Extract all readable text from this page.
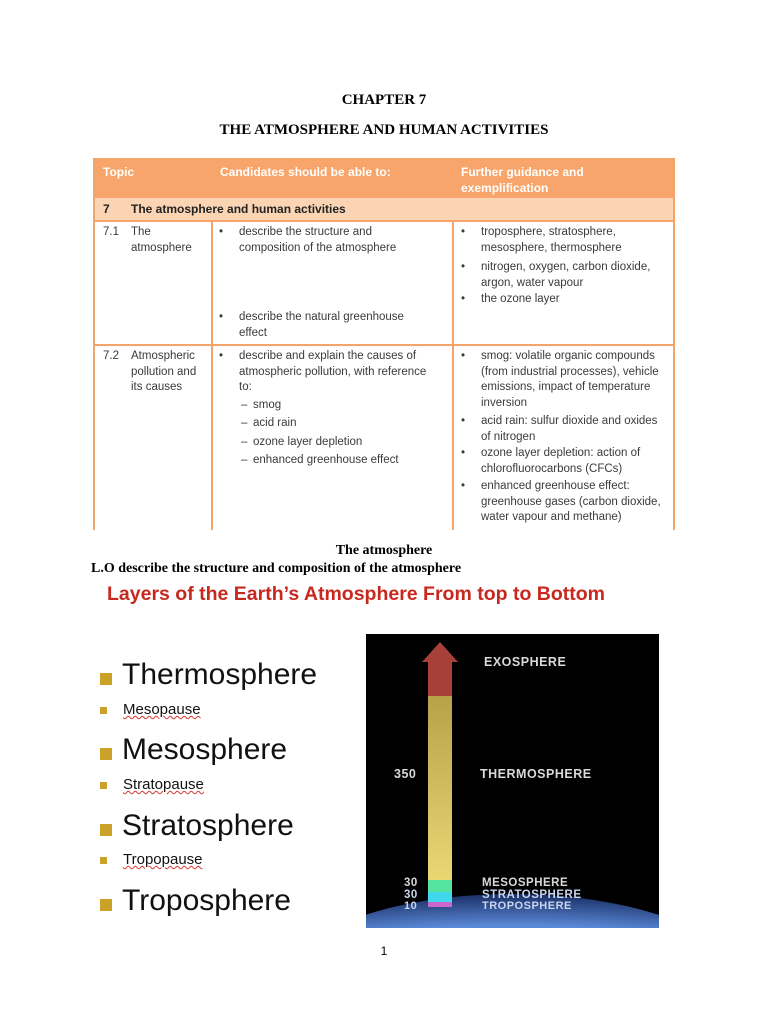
CHAPTER 7
THE ATMOSPHERE AND HUMAN ACTIVITIES
Topic	Candidates should be able to:	Further guidance and
exemplification
7 The atmosphere and human activities
7.1 The
atmosphere
• describe the structure and
composition of the atmosphere
• describe the natural greenhouse
effect
• troposphere, stratosphere,
mesosphere, thermosphere
• nitrogen, oxygen, carbon dioxide,
argon, water vapour
• the ozone layer
7.2 Atmospheric
pollution and
its causes
• describe and explain the causes of
atmospheric pollution, with reference
to:
– smog
– acid rain
– ozone layer depletion
– enhanced greenhouse effect
• smog: volatile organic compounds
(from industrial processes), vehicle
emissions, impact of temperature
inversion
• acid rain: sulfur dioxide and oxides
of nitrogen
• ozone layer depletion: action of
chlorofluorocarbons (CFCs)
• enhanced greenhouse effect:
greenhouse gases (carbon dioxide,
water vapour and methane)
The atmosphere
L.O describe the structure and composition of the atmosphere
Layers of the Earth’s Atmosphere From top to Bottom
Thermosphere
Mesopause
Mesosphere
Stratopause
Stratosphere
Tropopause
Troposphere
EXOSPHERE
THERMOSPHERE
350
MESOSPHERE
30
STRATOSPHERE
30
TROPOSPHERE
10
1
